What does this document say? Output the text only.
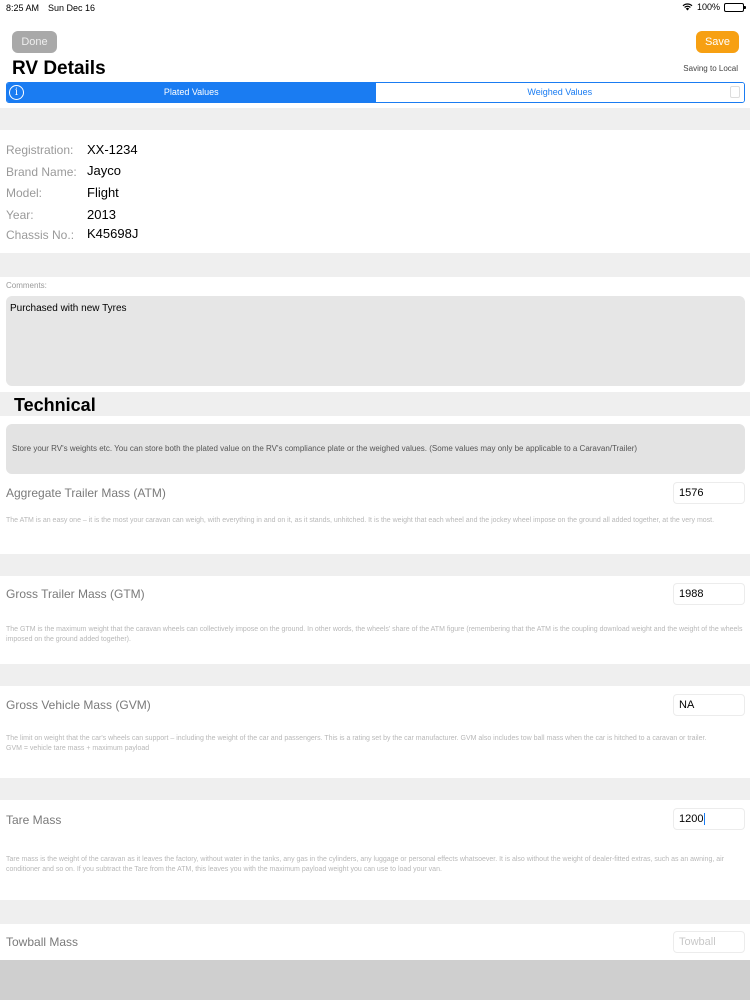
8:25 AM Sun Dec 16	100%
Done	Save
RV Details	Saving to Local
Plated Values	Weighed Values
i
Registration: XX-1234
Brand Name: Jayco
Model:	Flight
Year:	2013
Chassis No.: K45698J
Comments:
Purchased with new Tyres
Technical
Store your RV's weights etc. You can store both the plated value on the RV's compliance plate or the weighed values. (Some values may only be applicable to a Caravan/Trailer)
Aggregate Trailer Mass (ATM)	1576
The ATM is an easy one – it is the most your caravan can weigh, with everything in and on it, as it stands, unhitched. It is the weight that each wheel and the jockey wheel impose on the ground all added together, at the very most.
Gross Trailer Mass (GTM)	1988
The GTM is the maximum weight that the caravan wheels can collectively impose on the ground. In other words, the wheels' share of the ATM figure (remembering that the ATM is the coupling download weight and the weight of the wheels imposed on the ground added together).
Gross Vehicle Mass (GVM)	NA
The limit on weight that the car's wheels can support – including the weight of the car and passengers. This is a rating set by the car manufacturer. GVM also includes tow ball mass when the car is hitched to a caravan or trailer.
GVM = vehicle tare mass + maximum payload
Tare Mass	1200
Tare mass is the weight of the caravan as it leaves the factory, without water in the tanks, any gas in the cylinders, any luggage or personal effects whatsoever. It is also without the weight of dealer-fitted extras, such as an awning, air conditioner and so on. If you subtract the Tare from the ATM, this leaves you with the maximum payload weight you can use to load your van.
Towball Mass	Towball
